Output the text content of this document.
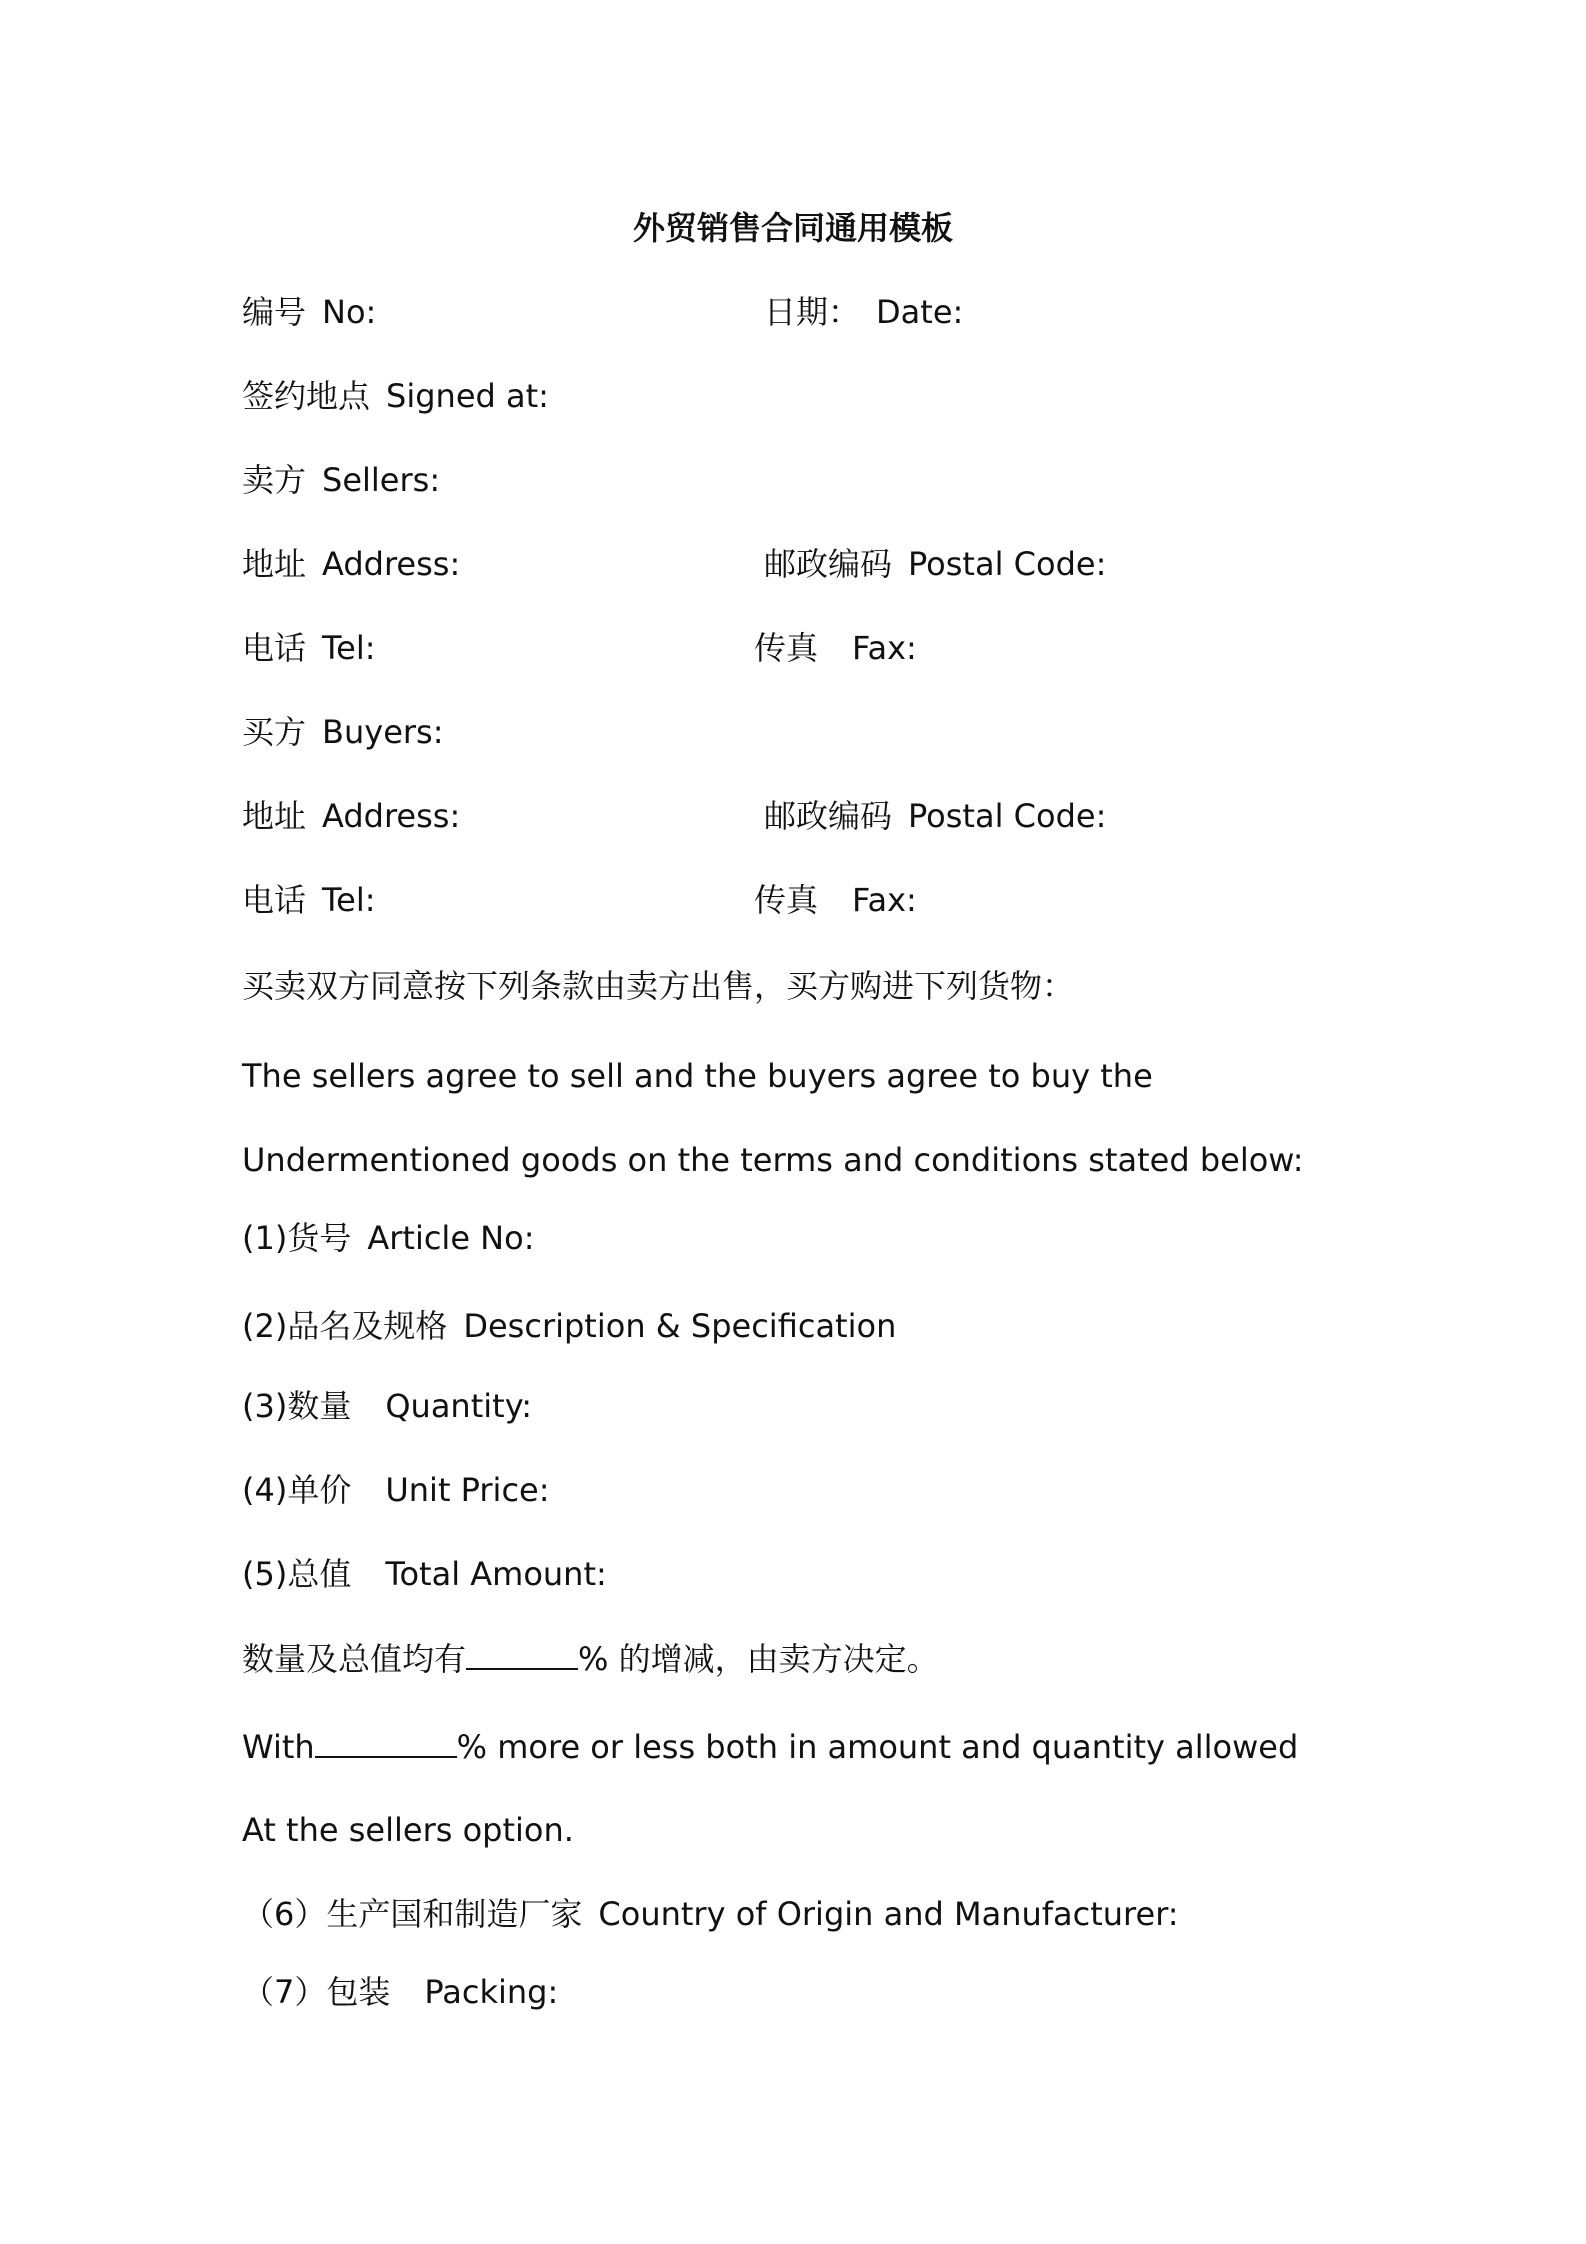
外贸销售合同通用模板
编号 No:	日期： Date:
签约地点 Signed at:
卖方 Sellers:
地址 Address:	邮政编码 Postal Code:
电话 Tel:	传真 Fax:
买方 Buyers:
地址 Address:	邮政编码 Postal Code:
电话 Tel:	传真 Fax:
买卖双方同意按下列条款由卖方出售，买方购进下列货物：
The sellers agree to sell and the buyers agree to buy the
Undermentioned goods on the terms and conditions stated below:
(1)货号 Article No:
(2)品名及规格 Description & Specification
(3)数量 Quantity:
(4)单价 Unit Price:
(5)总值 Total Amount:
数量及总值均有	% 的增减，由卖方决定。
With	% more or less both in amount and quantity allowed
At the sellers option.
（6）生产国和制造厂家 Country of Origin and Manufacturer:
（7）包装 Packing:
